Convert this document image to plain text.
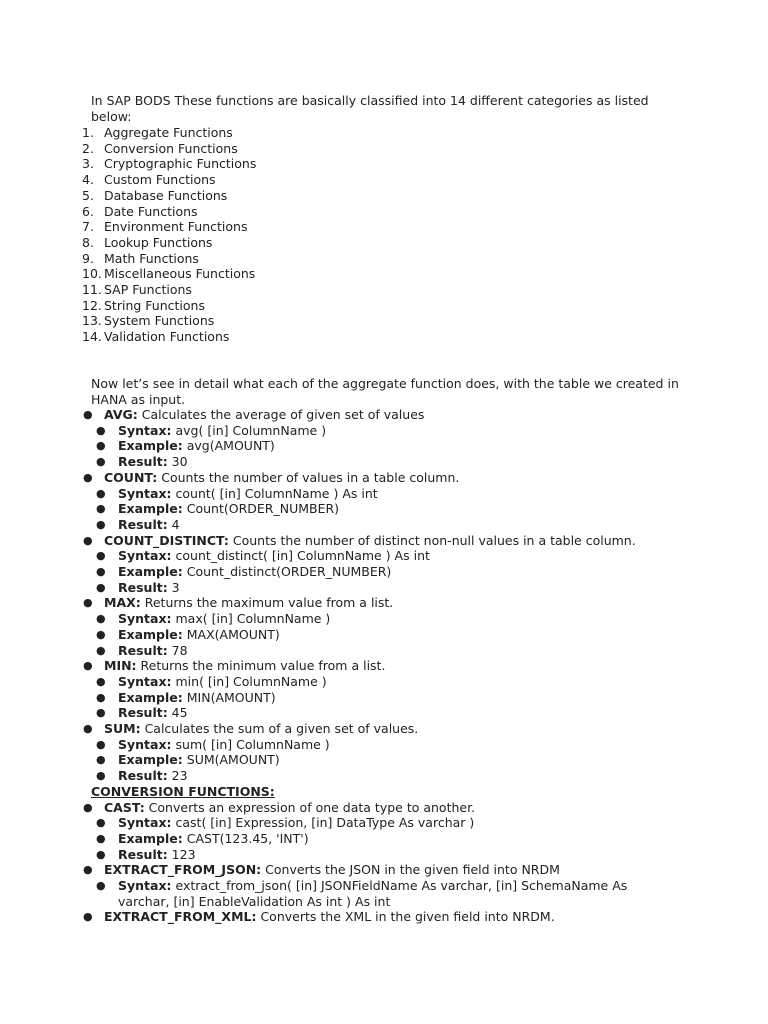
In SAP BODS These functions are basically classified into 14 different categories as listed below:
1. Aggregate Functions
2. Conversion Functions
3. Cryptographic Functions
4. Custom Functions
5. Database Functions
6. Date Functions
7. Environment Functions
8. Lookup Functions
9. Math Functions
10. Miscellaneous Functions
11. SAP Functions
12. String Functions
13. System Functions
14. Validation Functions
Now let’s see in detail what each of the aggregate function does, with the table we created in HANA as input.
● AVG: Calculates the average of given set of values
● Syntax: avg( [in] ColumnName )
● Example: avg(AMOUNT)
● Result: 30
● COUNT: Counts the number of values in a table column.
● Syntax: count( [in] ColumnName ) As int
● Example: Count(ORDER_NUMBER)
● Result: 4
● COUNT_DISTINCT: Counts the number of distinct non-null values in a table column.
● Syntax: count_distinct( [in] ColumnName ) As int
● Example: Count_distinct(ORDER_NUMBER)
● Result: 3
● MAX: Returns the maximum value from a list.
● Syntax: max( [in] ColumnName )
● Example: MAX(AMOUNT)
● Result: 78
● MIN: Returns the minimum value from a list.
● Syntax: min( [in] ColumnName )
● Example: MIN(AMOUNT)
● Result: 45
● SUM: Calculates the sum of a given set of values.
● Syntax: sum( [in] ColumnName )
● Example: SUM(AMOUNT)
● Result: 23
CONVERSION FUNCTIONS:
● CAST: Converts an expression of one data type to another.
● Syntax: cast( [in] Expression, [in] DataType As varchar )
● Example: CAST(123.45, 'INT')
● Result: 123
● EXTRACT_FROM_JSON: Converts the JSON in the given field into NRDM
● Syntax: extract_from_json( [in] JSONFieldName As varchar, [in] SchemaName As
varchar, [in] EnableValidation As int ) As int
● EXTRACT_FROM_XML: Converts the XML in the given field into NRDM.
